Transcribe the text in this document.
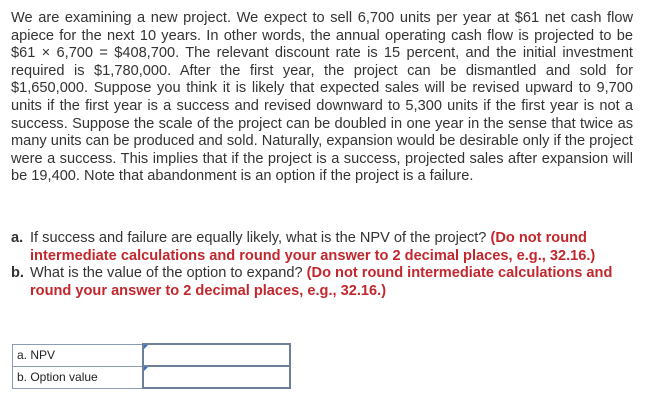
We are examining a new project. We expect to sell 6,700 units per year at $61 net cash flow apiece for the next 10 years. In other words, the annual operating cash flow is projected to be $61 × 6,700 = $408,700. The relevant discount rate is 15 percent, and the initial investment required is $1,780,000. After the first year, the project can be dismantled and sold for $1,650,000. Suppose you think it is likely that expected sales will be revised upward to 9,700 units if the first year is a success and revised downward to 5,300 units if the first year is not a success. Suppose the scale of the project can be doubled in one year in the sense that twice as many units can be produced and sold. Naturally, expansion would be desirable only if the project were a success. This implies that if the project is a success, projected sales after expansion will be 19,400. Note that abandonment is an option if the project is a failure.

a. If success and failure are equally likely, what is the NPV of the project? (Do not round intermediate calculations and round your answer to 2 decimal places, e.g., 32.16.)
b. What is the value of the option to expand? (Do not round intermediate calculations and round your answer to 2 decimal places, e.g., 32.16.)
a. NPV	

b. Option value	
